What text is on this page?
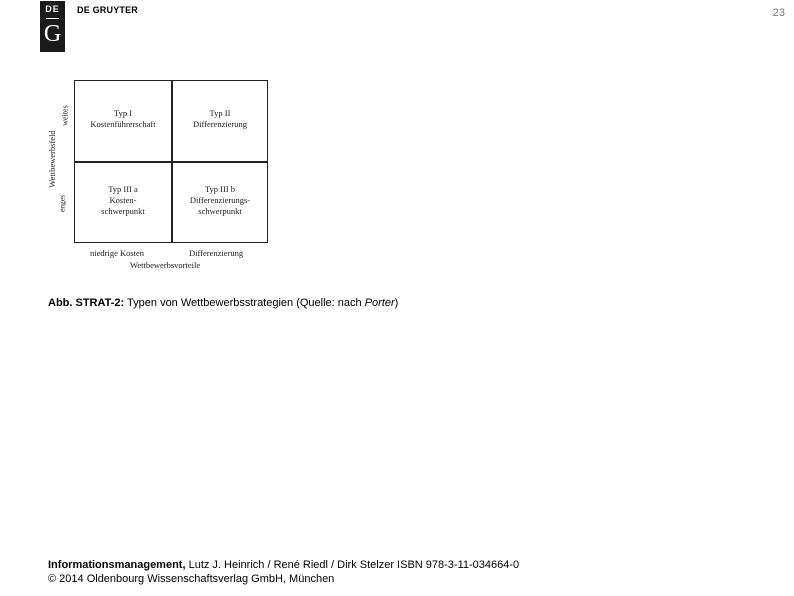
DE
G
DE GRUYTER	23
Wettbewerbsfeld
weites
enges
Typ I
Kostenführerschaft
Typ II
Differenzierung
Typ III a
Kosten-
schwerpunkt
Typ III b
Differenzierungs-
schwerpunkt
niedrige Kosten	Differenzierung
Wettbewerbsvorteile
Abb. STRAT-2: Typen von Wettbewerbsstrategien (Quelle: nach Porter)
Informationsmanagement, Lutz J. Heinrich / René Riedl / Dirk Stelzer ISBN 978-3-11-034664-0
© 2014 Oldenbourg Wissenschaftsverlag GmbH, München
